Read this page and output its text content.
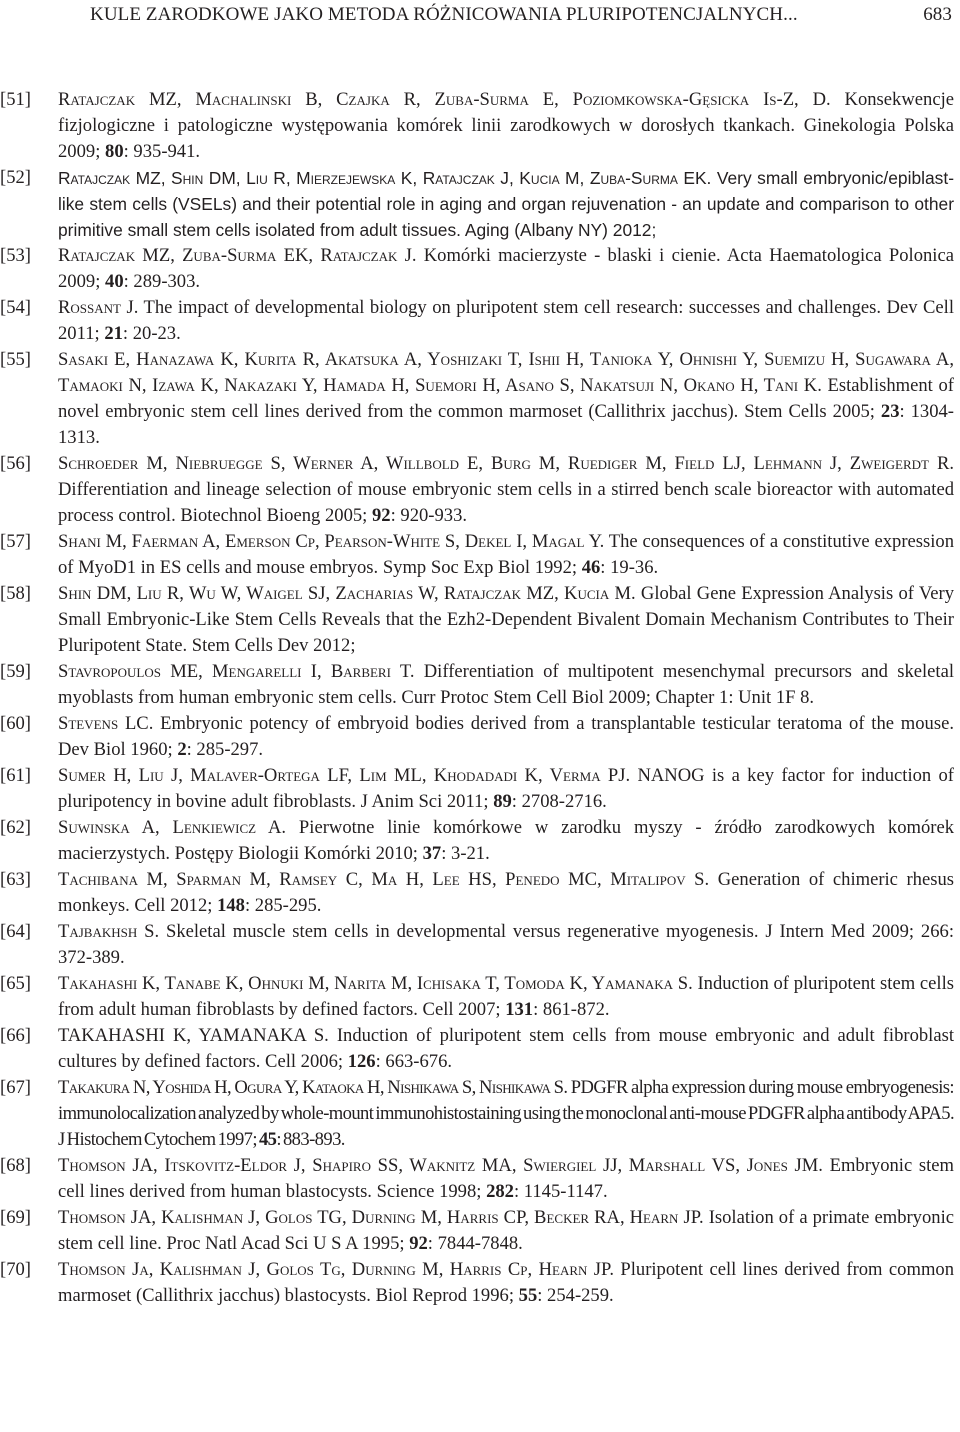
KULE ZARODKOWE JAKO METODA RÓŻNICOWANIA PLURIPOTENCJALNYCH...	683
[51]	Ratajczak MZ, Machalinski B, Czajka R, Zuba-Surma E, Poziomkowska-Gęsicka Is-Z, D. Konsekwencje fizjologiczne i patologiczne występowania komórek linii zarodkowych w dorosłych tkankach. Ginekologia Polska 2009; 80: 935-941.
[52]	Ratajczak MZ, Shin DM, Liu R, Mierzejewska K, Ratajczak J, Kucia M, Zuba-Surma EK. Very small embryonic/epiblast-like stem cells (VSELs) and their potential role in aging and organ rejuvenation - an update and comparison to other primitive small stem cells isolated from adult tissues. Aging (Albany NY) 2012;
[53]	Ratajczak MZ, Zuba-Surma EK, Ratajczak J. Komórki macierzyste - blaski i cienie. Acta Haematologica Polonica 2009; 40: 289-303.
[54]	Rossant J. The impact of developmental biology on pluripotent stem cell research: successes and challenges. Dev Cell 2011; 21: 20-23.
[55]	Sasaki E, Hanazawa K, Kurita R, Akatsuka A, Yoshizaki T, Ishii H, Tanioka Y, Ohnishi Y, Suemizu H, Sugawara A, Tamaoki N, Izawa K, Nakazaki Y, Hamada H, Suemori H, Asano S, Nakatsuji N, Okano H, Tani K. Establishment of novel embryonic stem cell lines derived from the common marmoset (Callithrix jacchus). Stem Cells 2005; 23: 1304-1313.
[56]	Schroeder M, Niebruegge S, Werner A, Willbold E, Burg M, Ruediger M, Field LJ, Lehmann J, Zweigerdt R. Differentiation and lineage selection of mouse embryonic stem cells in a stirred bench scale bioreactor with automated process control. Biotechnol Bioeng 2005; 92: 920-933.
[57]	Shani M, Faerman A, Emerson Cp, Pearson-White S, Dekel I, Magal Y. The consequences of a constitutive expression of MyoD1 in ES cells and mouse embryos. Symp Soc Exp Biol 1992; 46: 19-36.
[58]	Shin DM, Liu R, Wu W, Waigel SJ, Zacharias W, Ratajczak MZ, Kucia M. Global Gene Expression Analysis of Very Small Embryonic-Like Stem Cells Reveals that the Ezh2-Dependent Bivalent Domain Mechanism Contributes to Their Pluripotent State. Stem Cells Dev 2012;
[59]	Stavropoulos ME, Mengarelli I, Barberi T. Differentiation of multipotent mesenchymal precursors and skeletal myoblasts from human embryonic stem cells. Curr Protoc Stem Cell Biol 2009; Chapter 1: Unit 1F 8.
[60]	Stevens LC. Embryonic potency of embryoid bodies derived from a transplantable testicular teratoma of the mouse. Dev Biol 1960; 2: 285-297.
[61]	Sumer H, Liu J, Malaver-Ortega LF, Lim ML, Khodadadi K, Verma PJ. NANOG is a key factor for induction of pluripotency in bovine adult fibroblasts. J Anim Sci 2011; 89: 2708-2716.
[62]	Suwinska A, Lenkiewicz A. Pierwotne linie komórkowe w zarodku myszy - źródło zarodkowych komórek macierzystych. Postępy Biologii Komórki 2010; 37: 3-21.
[63]	Tachibana M, Sparman M, Ramsey C, Ma H, Lee HS, Penedo MC, Mitalipov S. Generation of chimeric rhesus monkeys. Cell 2012; 148: 285-295.
[64]	Tajbakhsh S. Skeletal muscle stem cells in developmental versus regenerative myogenesis. J Intern Med 2009; 266: 372-389.
[65]	Takahashi K, Tanabe K, Ohnuki M, Narita M, Ichisaka T, Tomoda K, Yamanaka S. Induction of pluripotent stem cells from adult human fibroblasts by defined factors. Cell 2007; 131: 861-872.
[66]	TAKAHASHI K, YAMANAKA S. Induction of pluripotent stem cells from mouse embryonic and adult fibroblast cultures by defined factors. Cell 2006; 126: 663-676.
[67]	Takakura N, Yoshida H, Ogura Y, Kataoka H, Nishikawa S, Nishikawa S. PDGFR alpha expression during mouse embryogenesis: immunolocalization analyzed by whole-mount immunohistostaining using the monoclonal anti-mouse PDGFR alpha antibody APA5. J Histochem Cytochem 1997; 45: 883-893.
[68]	Thomson JA, Itskovitz-Eldor J, Shapiro SS, Waknitz MA, Swiergiel JJ, Marshall VS, Jones JM. Embryonic stem cell lines derived from human blastocysts. Science 1998; 282: 1145-1147.
[69]	Thomson JA, Kalishman J, Golos TG, Durning M, Harris CP, Becker RA, Hearn JP. Isolation of a primate embryonic stem cell line. Proc Natl Acad Sci U S A 1995; 92: 7844-7848.
[70]	Thomson Ja, Kalishman J, Golos Tg, Durning M, Harris Cp, Hearn JP. Pluripotent cell lines derived from common marmoset (Callithrix jacchus) blastocysts. Biol Reprod 1996; 55: 254-259.
